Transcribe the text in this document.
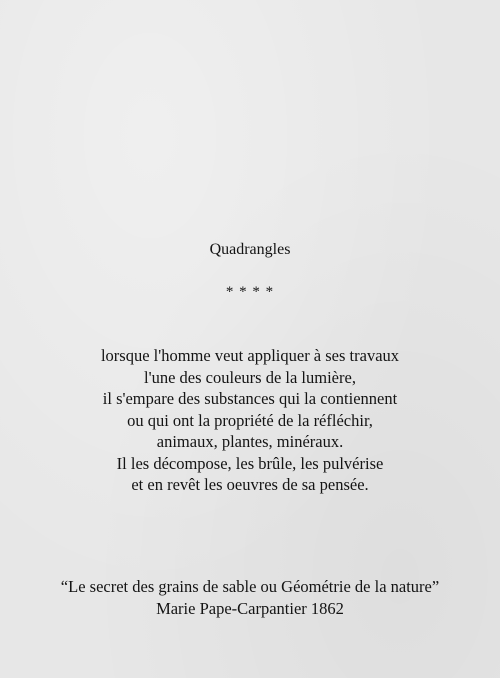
Quadrangles
* * * *
lorsque l'homme veut appliquer à ses travaux
l'une des couleurs de la lumière,
il s'empare des substances qui la contiennent
ou qui ont la propriété de la réfléchir,
animaux, plantes, minéraux.
Il les décompose, les brûle, les pulvérise
et en revêt les oeuvres de sa pensée.
“Le secret des grains de sable ou Géométrie de la nature”
Marie Pape-Carpantier 1862
